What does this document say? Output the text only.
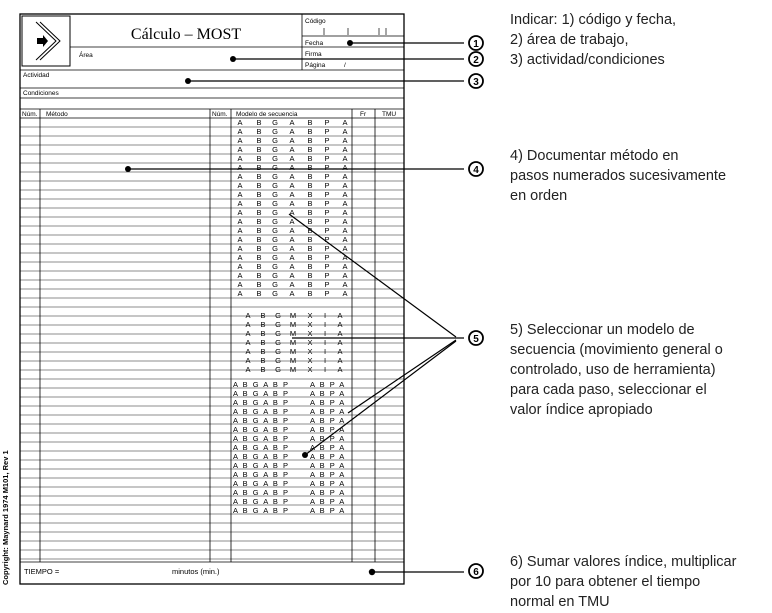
A B G A B P A
A B G A B P A
A B G A B P A
A B G A B P A
A B G A B P A
A B G A B P A
A B G A B P A
A B G A B P A
A B G A B P A
A B G A B P A
A B G A B P A
A B G A B P A
A B G A B P A
A B G A B P A
A B G A B P A
A B G A B P A
A B G A B P A
A B G A B P A
A B G A B P A
A B G A B P A
A B G M X I A
A B G M X I A
A B G M X I A
A B G M X I A
A B G M X I A
A B G M X I A
A B G M X I A
A B G A B P	A B P A
A B G A B P	A B P A
A B G A B P	A B P A
A B G A B P	A B P A
A B G A B P	A B P A
A B G A B P	A B P A
A B G A B P	A B P A
A B G A B P	A B P A
A B G A B P	A B P A
A B G A B P	A B P A
A B G A B P	A B P A
A B G A B P	A B P A
A B G A B P	A B P A
A B G A B P	A B P A
A B G A B P	A B P A
Cálculo – MOST
Código
Fecha
Firma
Página	/
Área
Actividad
Condiciones
Núm. Método	Núm. Modelo de secuencia	Fr TMU
TIEMPO =	minutos (min.)
1
2
3
4
5
6
Copyright: Maynard 1974 M101, Rev 1
Indicar: 1) código y fecha,
2) área de trabajo,
3) actividad/condiciones
4) Documentar método en
pasos numerados sucesivamente
en orden
5) Seleccionar un modelo de
secuencia (movimiento general o
controlado, uso de herramienta)
para cada paso, seleccionar el
valor índice apropiado
6) Sumar valores índice, multiplicar
por 10 para obtener el tiempo
normal en TMU
